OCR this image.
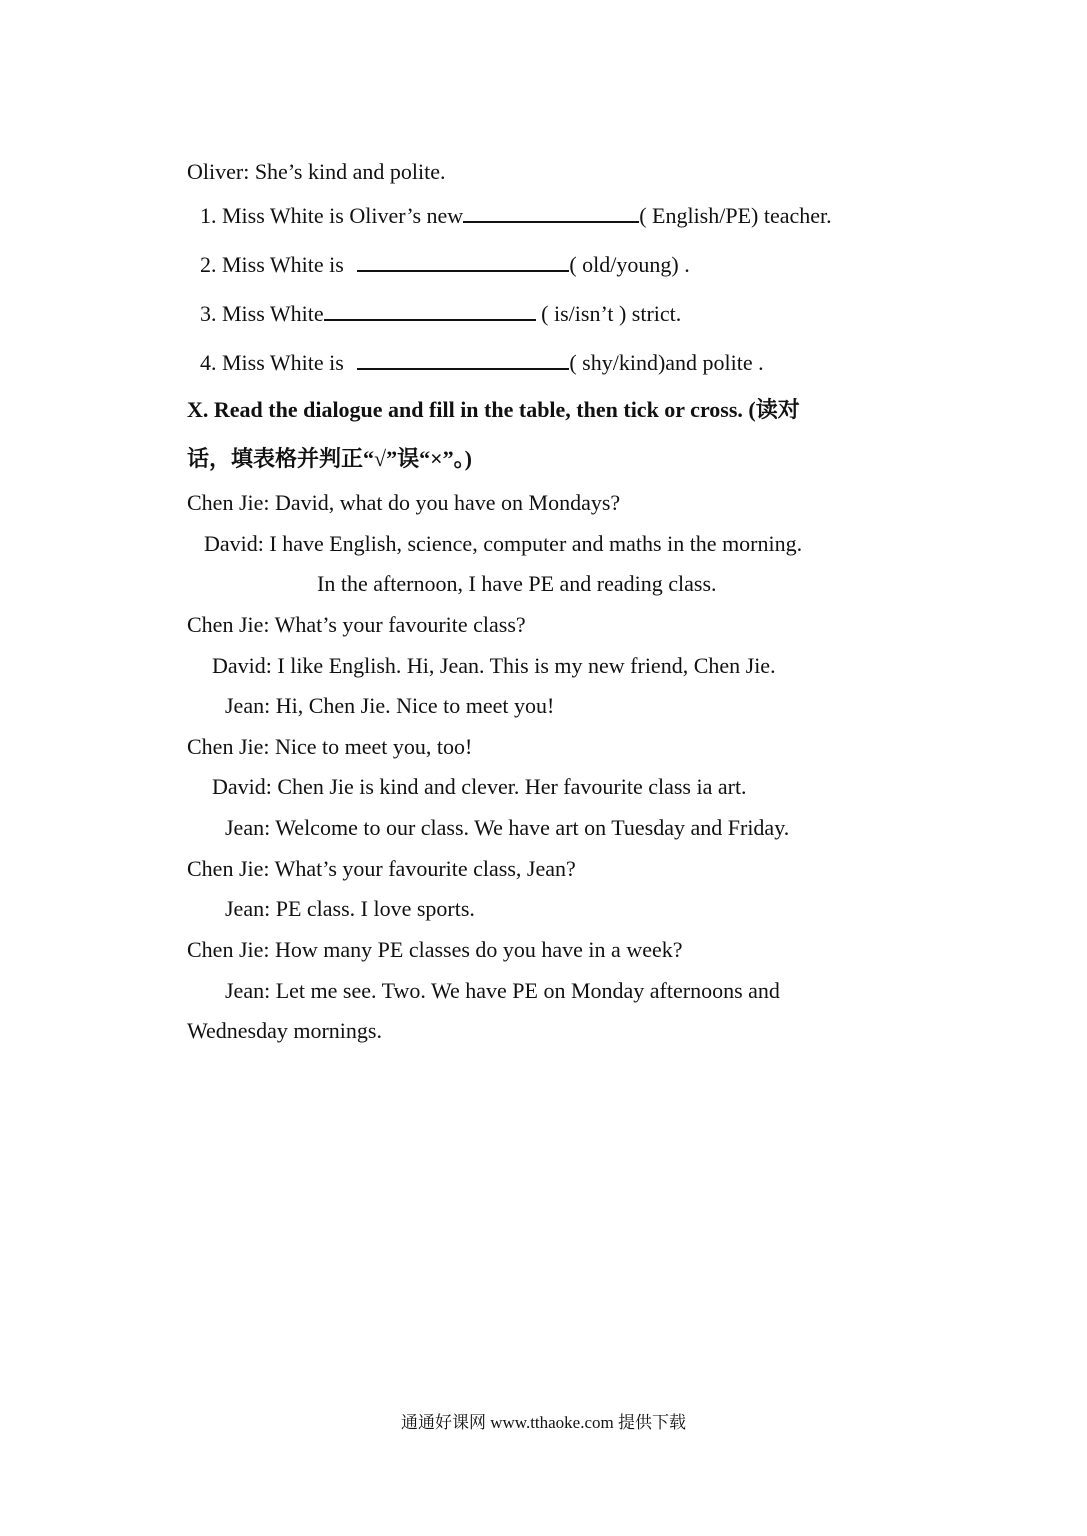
Oliver: She’s kind and polite.
1. Miss White is Oliver’s new	( English/PE) teacher.
2. Miss White is	( old/young) .
3. Miss White	( is/isn’t ) strict.
4. Miss White is	( shy/kind)and polite .
X. Read the dialogue and fill in the table, then tick or cross. (读对
话，填表格并判正“√”误“×”。)
Chen Jie: David, what do you have on Mondays?
David: I have English, science, computer and maths in the morning.
In the afternoon, I have PE and reading class.
Chen Jie: What’s your favourite class?
David: I like English. Hi, Jean. This is my new friend, Chen Jie.
Jean: Hi, Chen Jie. Nice to meet you!
Chen Jie: Nice to meet you, too!
David: Chen Jie is kind and clever. Her favourite class ia art.
Jean: Welcome to our class. We have art on Tuesday and Friday.
Chen Jie: What’s your favourite class, Jean?
Jean: PE class. I love sports.
Chen Jie: How many PE classes do you have in a week?
Jean: Let me see. Two. We have PE on Monday afternoons and
Wednesday mornings.
通通好课网 www.tthaoke.com 提供下载
